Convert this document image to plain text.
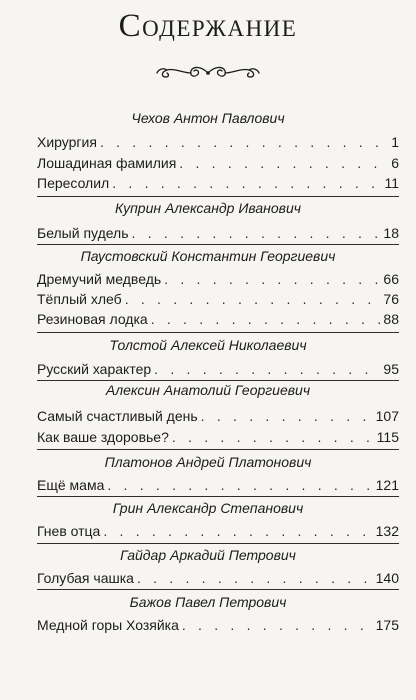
Содержание
Чехов Антон Павлович
Хирургия . . .	1
Лошадиная фамилия . . .	6
Пересолил . . .	11
Куприн Александр Иванович
Белый пудель . . .	18
Паустовский Константин Георгиевич
Дремучий медведь . . .	66
Тёплый хлеб . . .	76
Резиновая лодка . . .	88
Толстой Алексей Николаевич
Русский характер . . .	95
Алексин Анатолий Георгиевич
Самый счастливый день . . .	107
Как ваше здоровье? . . .	115
Платонов Андрей Платонович
Ещё мама . . .	121
Грин Александр Степанович
Гнев отца . . .	132
Гайдар Аркадий Петрович
Голубая чашка . . .	140
Бажов Павел Петрович
Медной горы Хозяйка . . .	175
